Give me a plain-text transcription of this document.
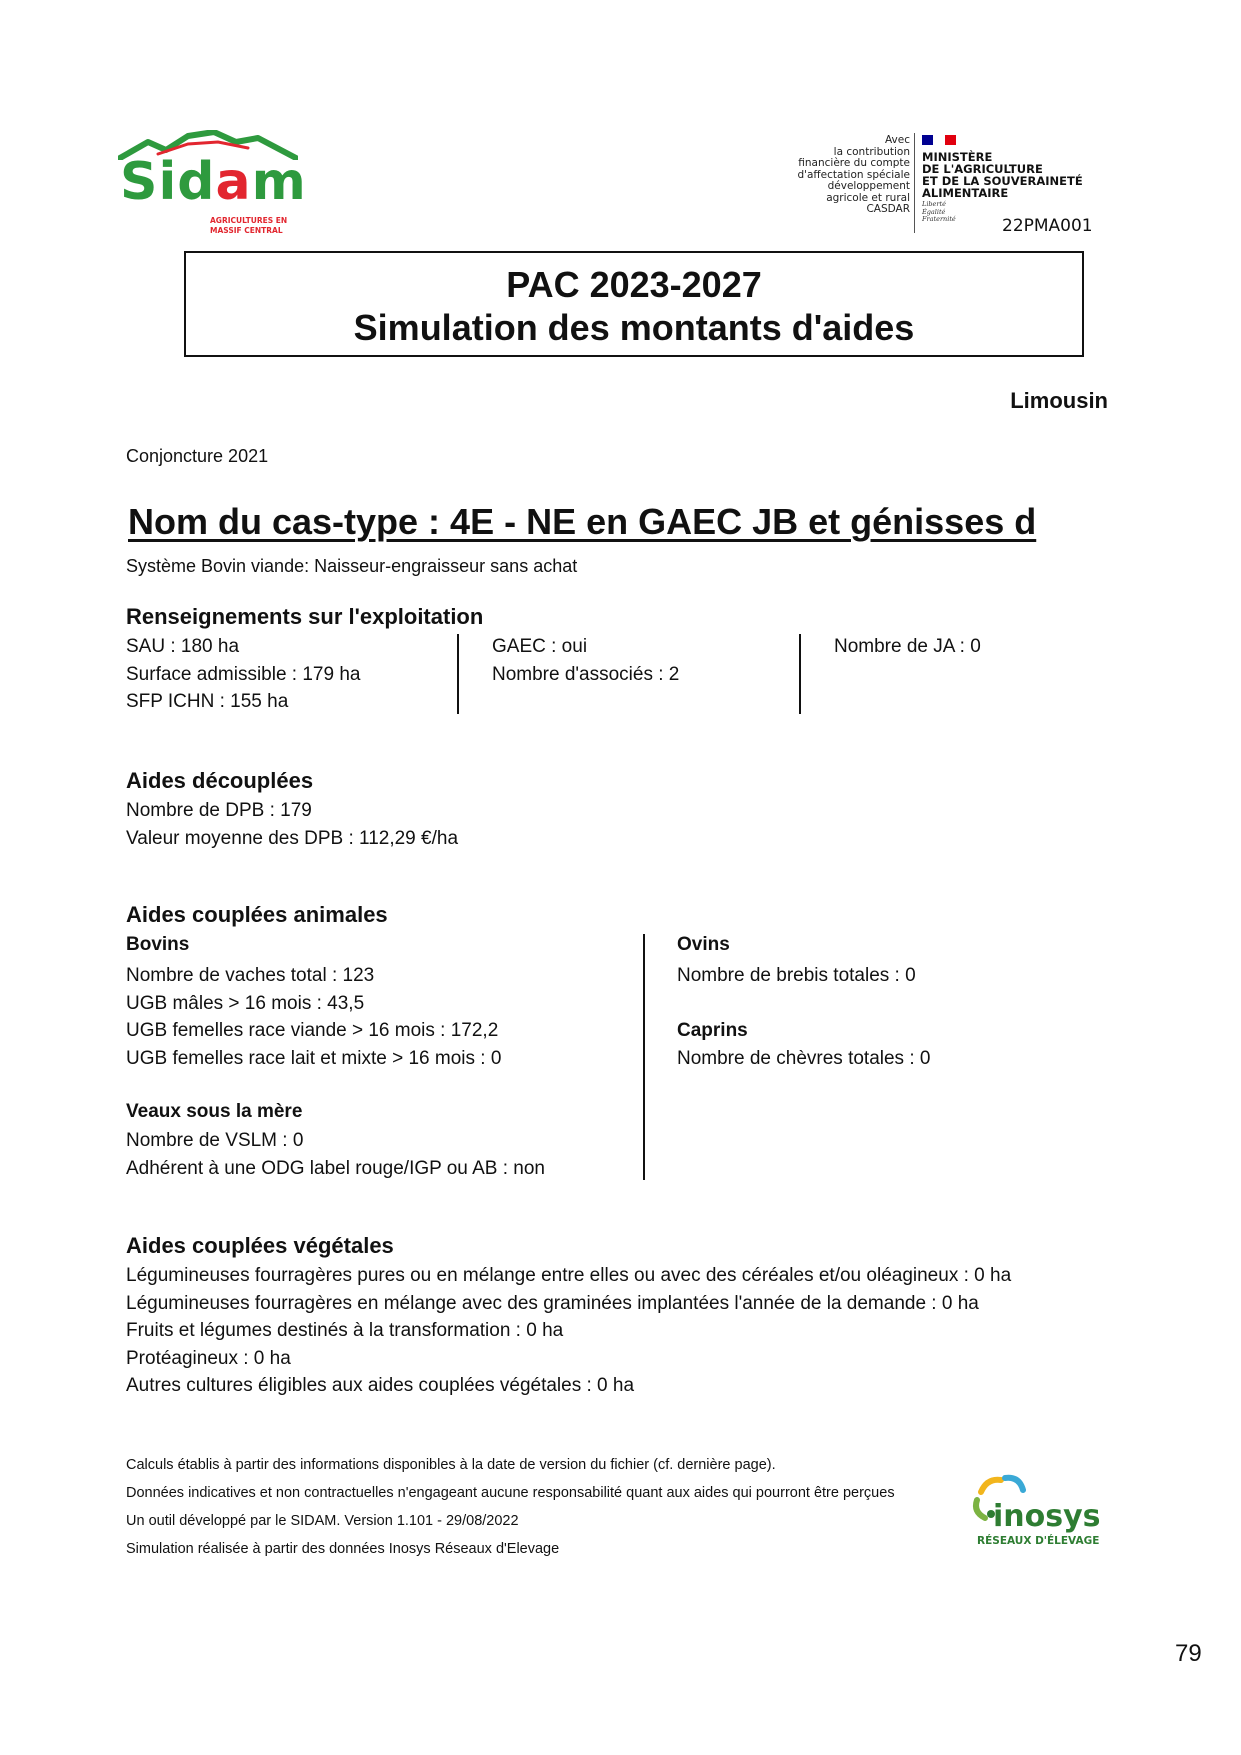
Sidam
AGRICULTURES EN
MASSIF CENTRAL
Avec
la contribution
financière du compte
d'affectation spéciale
développement
agricole et rural
CASDAR
MINISTÈRE
DE L'AGRICULTURE
ET DE LA SOUVERAINETÉ
ALIMENTAIRE
Liberté
Égalité
Fraternité	22PMA001
PAC 2023-2027
Simulation des montants d'aides
Limousin
Conjoncture 2021
Nom du cas-type : 4E - NE en GAEC JB et génisses d
Système Bovin viande: Naisseur-engraisseur sans achat
Renseignements sur l'exploitation
SAU : 180 ha
Surface admissible : 179 ha
SFP ICHN : 155 ha
GAEC : oui
Nombre d'associés : 2
Nombre de JA : 0
Aides découplées
Nombre de DPB : 179
Valeur moyenne des DPB : 112,29 €/ha
Aides couplées animales
Bovins
Nombre de vaches total : 123
UGB mâles > 16 mois : 43,5
UGB femelles race viande > 16 mois : 172,2
UGB femelles race lait et mixte > 16 mois : 0
Veaux sous la mère
Nombre de VSLM : 0
Adhérent à une ODG label rouge/IGP ou AB : non
Ovins
Nombre de brebis totales : 0
Caprins
Nombre de chèvres totales : 0
Aides couplées végétales
Légumineuses fourragères pures ou en mélange entre elles ou avec des céréales et/ou oléagineux : 0 ha
Légumineuses fourragères en mélange avec des graminées implantées l'année de la demande : 0 ha
Fruits et légumes destinés à la transformation : 0 ha
Protéagineux : 0 ha
Autres cultures éligibles aux aides couplées végétales : 0 ha
Calculs établis à partir des informations disponibles à la date de version du fichier (cf. dernière page).
Données indicatives et non contractuelles n'engageant aucune responsabilité quant aux aides qui pourront être perçues
Un outil développé par le SIDAM. Version 1.101 - 29/08/2022
Simulation réalisée à partir des données Inosys Réseaux d'Elevage
inosys
RÉSEAUX D'ÉLEVAGE
79
